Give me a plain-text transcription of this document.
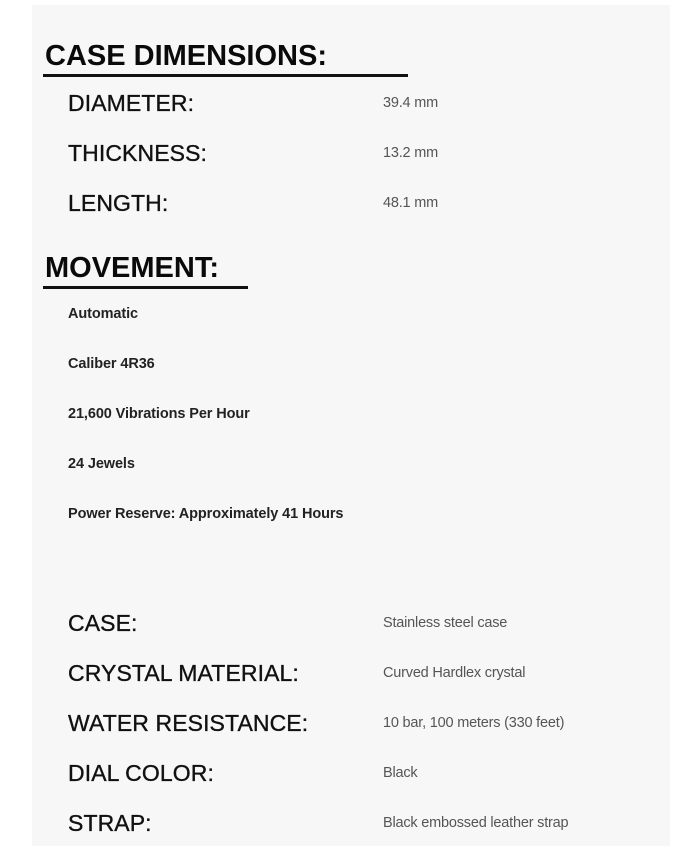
CASE DIMENSIONS:
DIAMETER:	39.4 mm
THICKNESS:	13.2 mm
LENGTH:	48.1 mm
MOVEMENT:
Automatic
Caliber 4R36
21,600 Vibrations Per Hour
24 Jewels
Power Reserve: Approximately 41 Hours
CASE:	Stainless steel case
CRYSTAL MATERIAL:	Curved Hardlex crystal
WATER RESISTANCE:	10 bar, 100 meters (330 feet)
DIAL COLOR:	Black
STRAP:	Black embossed leather strap
